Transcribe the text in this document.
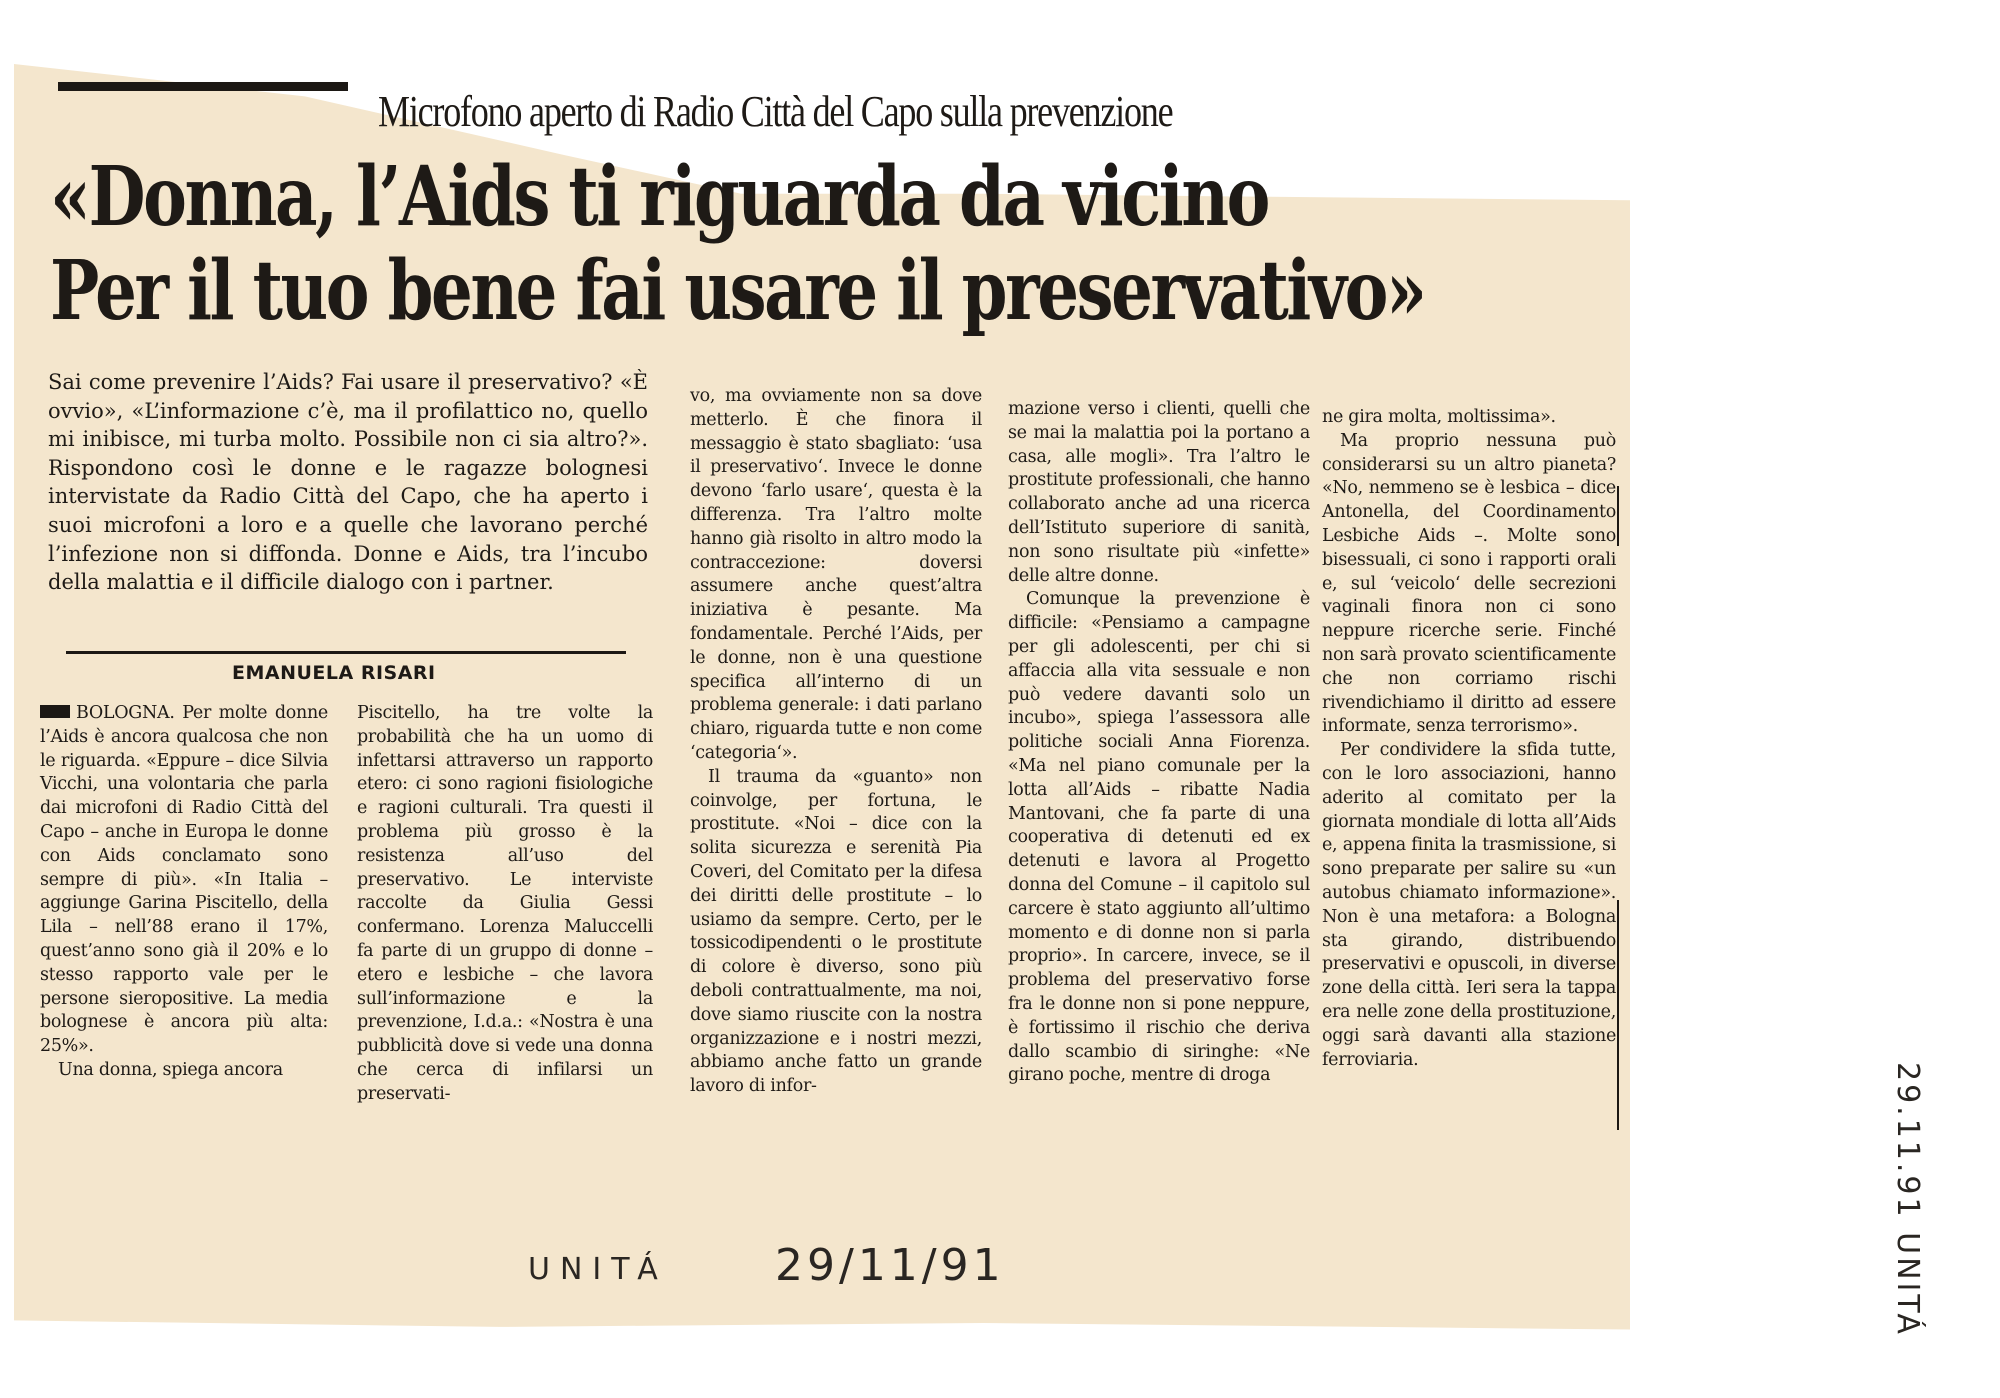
Microfono aperto di Radio Città del Capo sulla prevenzione
«Donna, l’Aids ti riguarda da vicino
Per il tuo bene fai usare il preservativo»
Sai come prevenire l’Aids? Fai usare il preservativo? «È ovvio», «L’informazione c’è, ma il profilattico no, quello mi inibisce, mi turba molto. Possibile non ci sia altro?». Rispondono così le donne e le ragazze bolognesi intervistate da Radio Città del Capo, che ha aperto i suoi microfoni a loro e a quelle che lavorano perché l’infezione non si diffonda. Donne e Aids, tra l’incubo della malattia e il difficile dialogo con i partner.
EMANUELA RISARI

BOLOGNA. Per molte donne l’Aids è ancora qualcosa che non le riguarda. «Eppure – dice Silvia Vicchi, una volontaria che parla dai microfoni di Radio Città del Capo – anche in Europa le donne con Aids conclamato sono sempre di più». «In Italia – aggiunge Garina Piscitello, della Lila – nell’88 erano il 17%, quest’anno sono già il 20% e lo stesso rapporto vale per le persone sieropositive. La media bolognese è ancora più alta: 25%».

Una donna, spiega ancora

Piscitello, ha tre volte la probabilità che ha un uomo di infettarsi attraverso un rapporto etero: ci sono ragioni fisiologiche e ragioni culturali. Tra questi il problema più grosso è la resistenza all’uso del preservativo. Le interviste raccolte da Giulia Gessi confermano. Lorenza Maluccelli fa parte di un gruppo di donne – etero e lesbiche – che lavora sull’informazione e la prevenzione, I.d.a.: «Nostra è una pubblicità dove si vede una donna che cerca di infilarsi un preservati-

vo, ma ovviamente non sa dove metterlo. È che finora il messaggio è stato sbagliato: ‘usa il preservativo‘. Invece le donne devono ‘farlo usare‘, questa è la differenza. Tra l’altro molte hanno già risolto in altro modo la contraccezione: doversi assumere anche quest’altra iniziativa è pesante. Ma fondamentale. Perché l’Aids, per le donne, non è una questione specifica all’interno di un problema generale: i dati parlano chiaro, riguarda tutte e non come ‘categoria‘».

Il trauma da «guanto» non coinvolge, per fortuna, le prostitute. «Noi – dice con la solita sicurezza e serenità Pia Coveri, del Comitato per la difesa dei diritti delle prostitute – lo usiamo da sempre. Certo, per le tossicodipendenti o le prostitute di colore è diverso, sono più deboli contrattualmente, ma noi, dove siamo riuscite con la nostra organizzazione e i nostri mezzi, abbiamo anche fatto un grande lavoro di infor-

mazione verso i clienti, quelli che se mai la malattia poi la portano a casa, alle mogli». Tra l’altro le prostitute professionali, che hanno collaborato anche ad una ricerca dell’Istituto superiore di sanità, non sono risultate più «infette» delle altre donne.

Comunque la prevenzione è difficile: «Pensiamo a campagne per gli adolescenti, per chi si affaccia alla vita sessuale e non può vedere davanti solo un incubo», spiega l’assessora alle politiche sociali Anna Fiorenza. «Ma nel piano comunale per la lotta all’Aids – ribatte Nadia Mantovani, che fa parte di una cooperativa di detenuti ed ex detenuti e lavora al Progetto donna del Comune – il capitolo sul carcere è stato aggiunto all’ultimo momento e di donne non si parla proprio». In carcere, invece, se il problema del preservativo forse fra le donne non si pone neppure, è fortissimo il rischio che deriva dallo scambio di siringhe: «Ne girano poche, mentre di droga

ne gira molta, moltissima».

Ma proprio nessuna può considerarsi su un altro pianeta? «No, nemmeno se è lesbica – dice Antonella, del Coordinamento Lesbiche Aids –. Molte sono bisessuali, ci sono i rapporti orali e, sul ‘veicolo‘ delle secrezioni vaginali finora non ci sono neppure ricerche serie. Finché non sarà provato scientificamente che non corriamo rischi rivendichiamo il diritto ad essere informate, senza terrorismo».

Per condividere la sfida tutte, con le loro associazioni, hanno aderito al comitato per la giornata mondiale di lotta all’Aids e, appena finita la trasmissione, si sono preparate per salire su «un autobus chiamato informazione». Non è una metafora: a Bologna sta girando, distribuendo preservativi e opuscoli, in diverse zone della città. Ieri sera la tappa era nelle zone della prostituzione, oggi sarà davanti alla stazione ferroviaria.

UNITÁ 29/11/91	29.11.91 UNITÁ
